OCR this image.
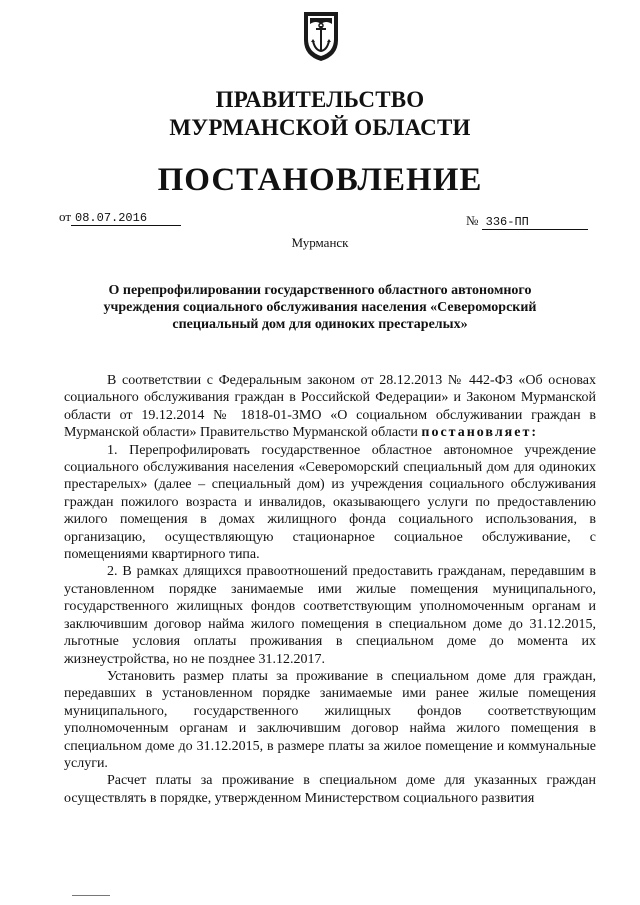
ПРАВИТЕЛЬСТВО
МУРМАНСКОЙ ОБЛАСТИ
ПОСТАНОВЛЕНИЕ
от 08.07.2016	№ 336-ПП
Мурманск
О перепрофилировании государственного областного автономного
учреждения социального обслуживания населения «Североморский
специальный дом для одиноких престарелых»

В соответствии с Федеральным законом от 28.12.2013 № 442-ФЗ «Об основах социального обслуживания граждан в Российской Федерации» и Законом Мурманской области от 19.12.2014 № 1818-01-ЗМО «О социальном обслуживании граждан в Мурманской области» Правительство Мурманской области постановляет:

1. Перепрофилировать государственное областное автономное учреждение социального обслуживания населения «Североморский специальный дом для одиноких престарелых» (далее – специальный дом) из учреждения социального обслуживания граждан пожилого возраста и инвалидов, оказывающего услуги по предоставлению жилого помещения в домах жилищного фонда социального использования, в организацию, осуществляющую стационарное социальное обслуживание, с помещениями квартирного типа.

2. В рамках длящихся правоотношений предоставить гражданам, передавшим в установленном порядке занимаемые ими жилые помещения муниципального, государственного жилищных фондов соответствующим уполномоченным органам и заключившим договор найма жилого помещения в специальном доме до 31.12.2015, льготные условия оплаты проживания в специальном доме до момента их жизнеустройства, но не позднее 31.12.2017.

Установить размер платы за проживание в специальном доме для граждан, передавших в установленном порядке занимаемые ими ранее жилые помещения муниципального, государственного жилищных фондов соответствующим уполномоченным органам и заключившим договор найма жилого помещения в специальном доме до 31.12.2015, в размере платы за жилое помещение и коммунальные услуги.

Расчет платы за проживание в специальном доме для указанных граждан осуществлять в порядке, утвержденном Министерством социального развития
